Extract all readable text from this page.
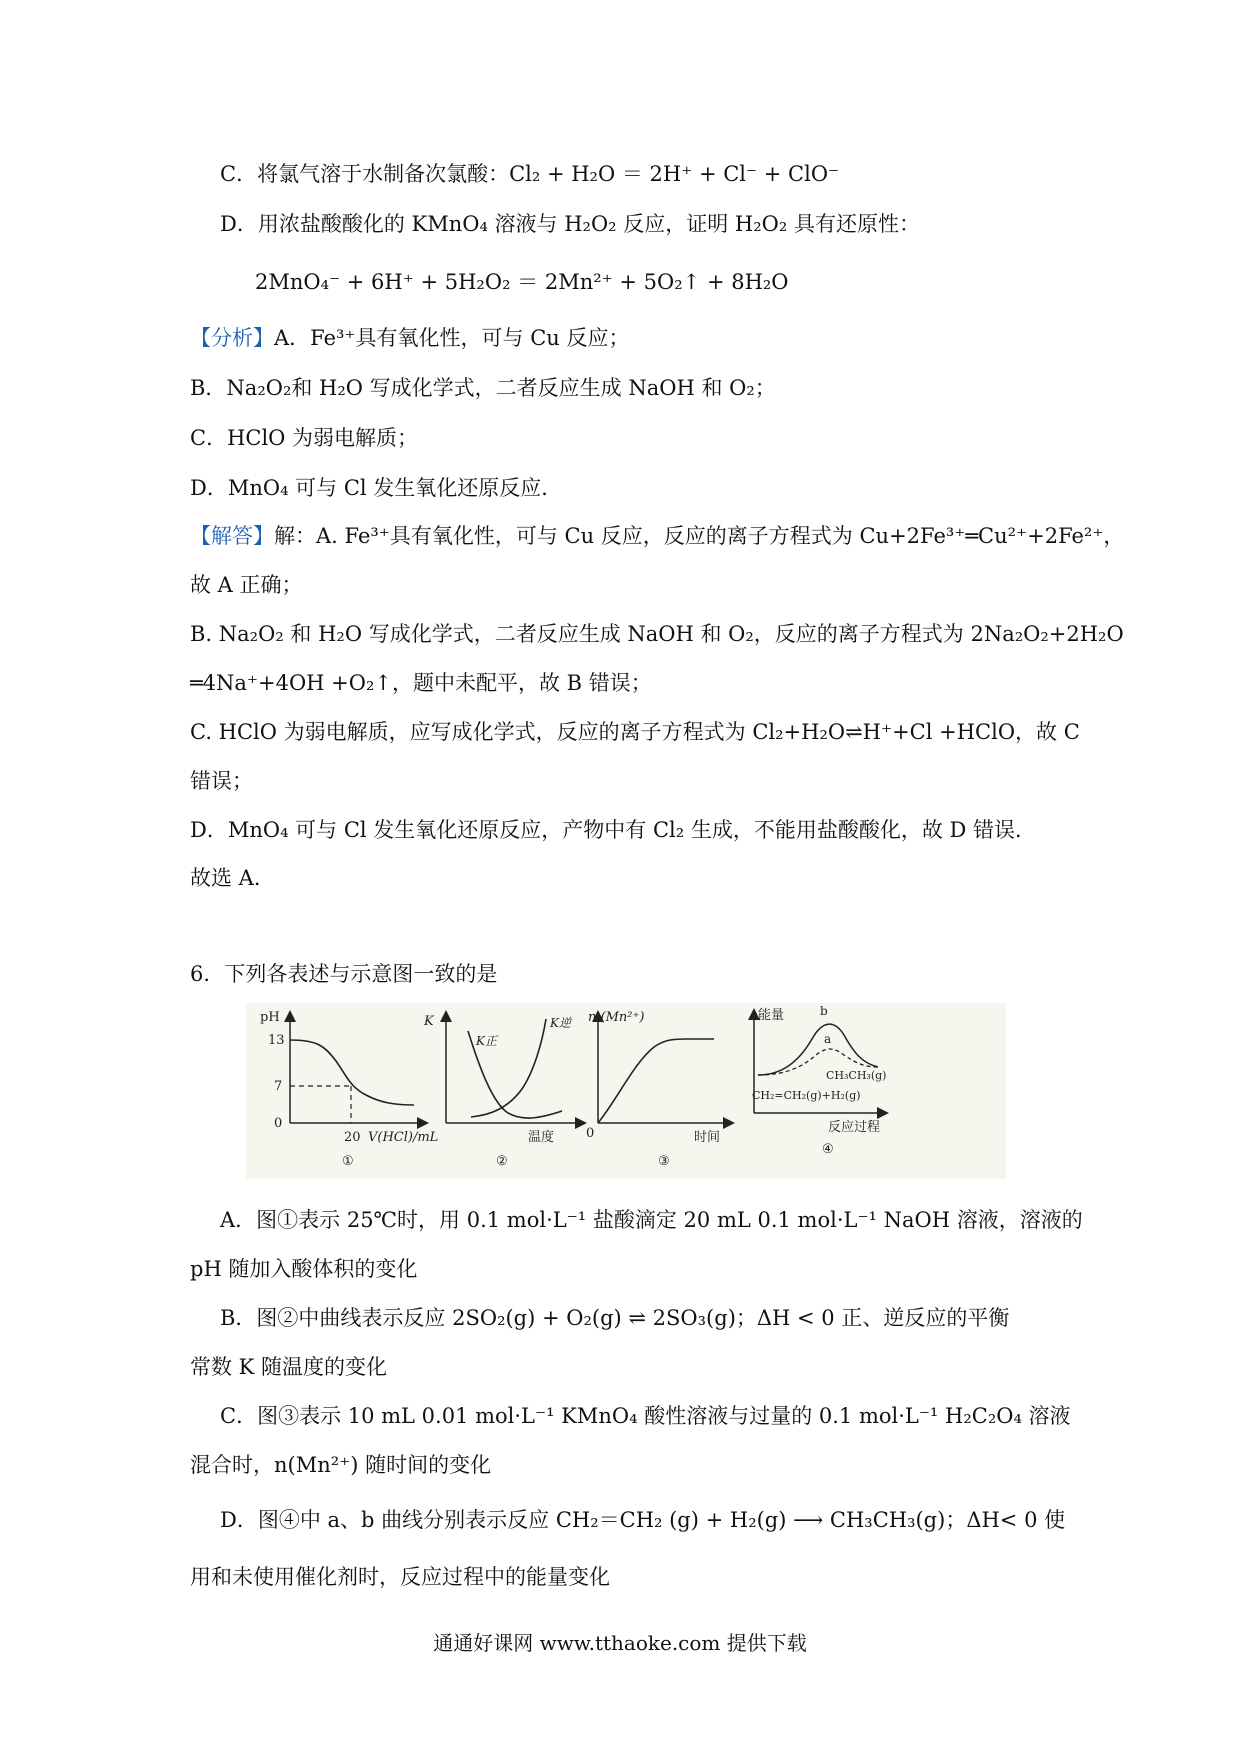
C．将氯气溶于水制备次氯酸：Cl₂ + H₂O ＝ 2H⁺ + Cl⁻ + ClO⁻
D．用浓盐酸酸化的 KMnO₄ 溶液与 H₂O₂ 反应，证明 H₂O₂ 具有还原性：
2MnO₄⁻ + 6H⁺ + 5H₂O₂ ＝ 2Mn²⁺ + 5O₂↑ + 8H₂O
【分析】A．Fe³⁺具有氧化性，可与 Cu 反应；
B．Na₂O₂和 H₂O 写成化学式，二者反应生成 NaOH 和 O₂；
C．HClO 为弱电解质；
D．MnO₄ 可与 Cl 发生氧化还原反应．
【解答】解：A. Fe³⁺具有氧化性，可与 Cu 反应，反应的离子方程式为 Cu+2Fe³⁺═Cu²⁺+2Fe²⁺，
故 A 正确；
B. Na₂O₂ 和 H₂O 写成化学式，二者反应生成 NaOH 和 O₂，反应的离子方程式为 2Na₂O₂+2H₂O
═4Na⁺+4OH +O₂↑，题中未配平，故 B 错误；
C. HClO 为弱电解质，应写成化学式，反应的离子方程式为 Cl₂+H₂O⇌H⁺+Cl +HClO，故 C
错误；
D．MnO₄ 可与 Cl 发生氧化还原反应，产物中有 Cl₂ 生成，不能用盐酸酸化，故 D 错误．
故选 A．
6．下列各表述与示意图一致的是
pH
13
7
0
20 V(HCl)/mL
①
K
K正
K逆
温度
②
n (Mn²⁺)
0	时间
③
能量	b
a
CH₃CH₃(g)
CH₂=CH₂(g)+H₂(g)
反应过程
④
A．图①表示 25℃时，用 0.1 mol·L⁻¹ 盐酸滴定 20 mL 0.1 mol·L⁻¹ NaOH 溶液，溶液的
pH 随加入酸体积的变化
B．图②中曲线表示反应 2SO₂(g) + O₂(g) ⇌ 2SO₃(g)；ΔH < 0 正、逆反应的平衡
常数 K 随温度的变化
C．图③表示 10 mL 0.01 mol·L⁻¹ KMnO₄ 酸性溶液与过量的 0.1 mol·L⁻¹ H₂C₂O₄ 溶液
混合时，n(Mn²⁺) 随时间的变化
D．图④中 a、b 曲线分别表示反应 CH₂＝CH₂ (g) + H₂(g) ⟶ CH₃CH₃(g)；ΔH< 0 使
用和未使用催化剂时，反应过程中的能量变化
通通好课网 www.tthaoke.com 提供下载
